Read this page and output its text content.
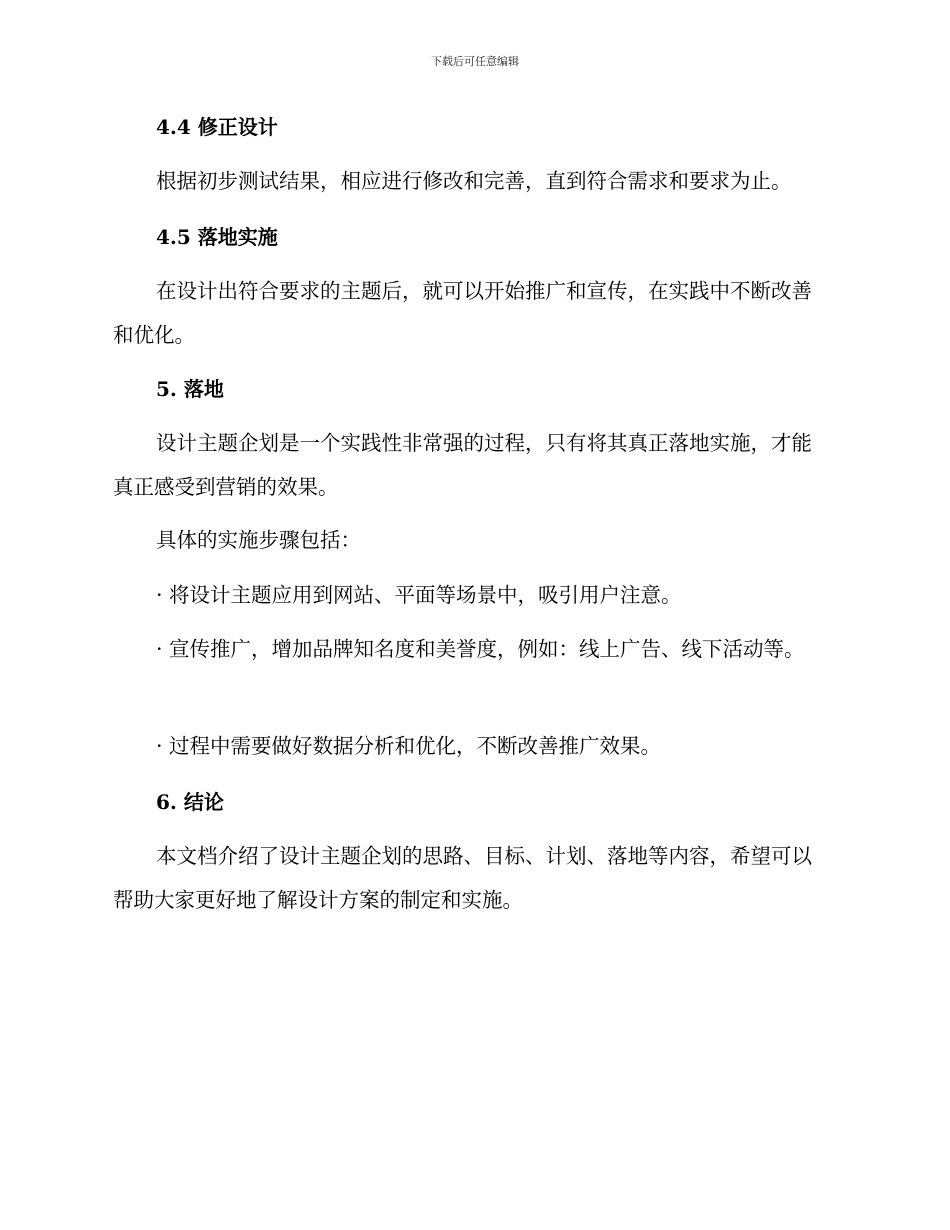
下载后可任意编辑
4.4 修正设计

根据初步测试结果，相应进行修改和完善，直到符合需求和要求为止。

4.5 落地实施

在设计出符合要求的主题后，就可以开始推广和宣传，在实践中不断改善和优化。

5. 落地

设计主题企划是一个实践性非常强的过程，只有将其真正落地实施，才能真正感受到营销的效果。

具体的实施步骤包括：

· 将设计主题应用到网站、平面等场景中，吸引用户注意。

· 宣传推广，增加品牌知名度和美誉度，例如：线上广告、线下活动等。

· 过程中需要做好数据分析和优化，不断改善推广效果。

6. 结论

本文档介绍了设计主题企划的思路、目标、计划、落地等内容，希望可以帮助大家更好地了解设计方案的制定和实施。
